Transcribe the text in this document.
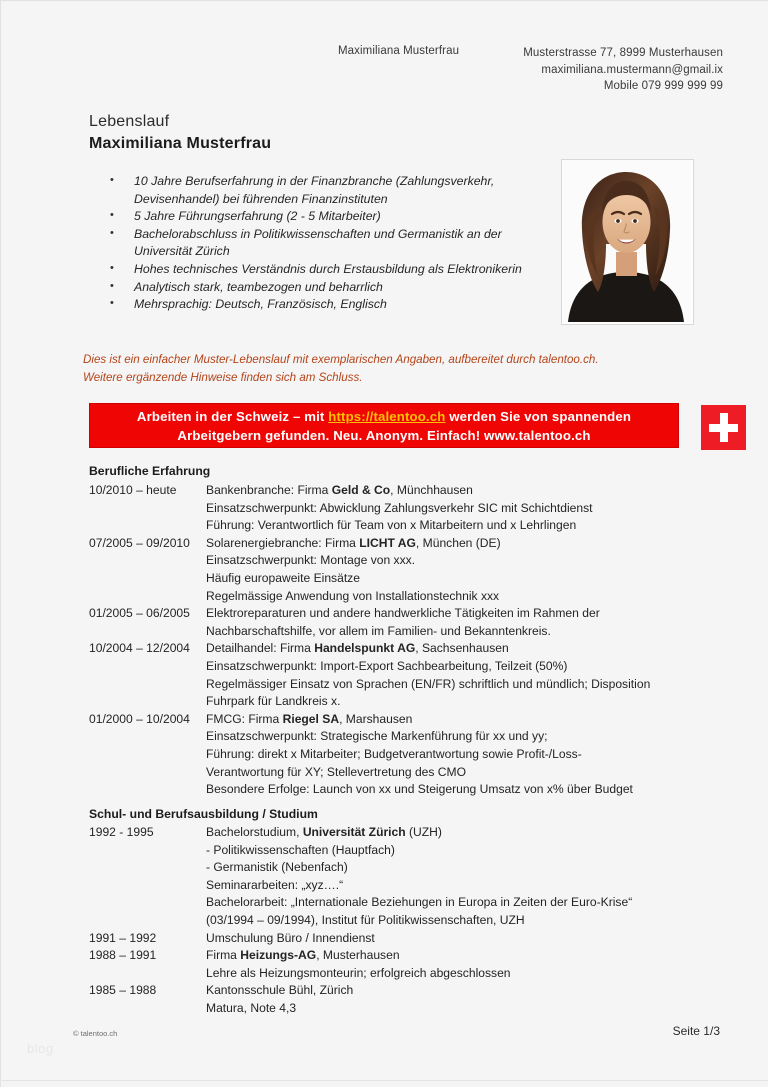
Maximiliana Musterfrau	Musterstrasse 77, 8999 Musterhausen
maximiliana.mustermann@gmail.ix
Mobile 079 999 999 99
Lebenslauf
Maximiliana Musterfrau
• 10 Jahre Berufserfahrung in der Finanzbranche (Zahlungsverkehr, Devisenhandel) bei führenden Finanzinstituten
• 5 Jahre Führungserfahrung (2 - 5 Mitarbeiter)
• Bachelorabschluss in Politikwissenschaften und Germanistik an der Universität Zürich
• Hohes technisches Verständnis durch Erstausbildung als Elektronikerin
• Analytisch stark, teambezogen und beharrlich
• Mehrsprachig: Deutsch, Französisch, Englisch
Dies ist ein einfacher Muster-Lebenslauf mit exemplarischen Angaben, aufbereitet durch talentoo.ch.
Weitere ergänzende Hinweise finden sich am Schluss.
Arbeiten in der Schweiz – mit https://talentoo.ch werden Sie von spannenden
Arbeitgebern gefunden. Neu. Anonym. Einfach! www.talentoo.ch
Berufliche Erfahrung
10/2010 – heute	Bankenbranche: Firma Geld & Co, Münchhausen
Einsatzschwerpunkt: Abwicklung Zahlungsverkehr SIC mit Schichtdienst
Führung: Verantwortlich für Team von x Mitarbeitern und x Lehrlingen
07/2005 – 09/2010	Solarenergiebranche: Firma LICHT AG, München (DE)
Einsatzschwerpunkt: Montage von xxx.
Häufig europaweite Einsätze
Regelmässige Anwendung von Installationstechnik xxx
01/2005 – 06/2005	Elektroreparaturen und andere handwerkliche Tätigkeiten im Rahmen der
Nachbarschaftshilfe, vor allem im Familien- und Bekanntenkreis.
10/2004 – 12/2004	Detailhandel: Firma Handelspunkt AG, Sachsenhausen
Einsatzschwerpunkt: Import-Export Sachbearbeitung, Teilzeit (50%)
Regelmässiger Einsatz von Sprachen (EN/FR) schriftlich und mündlich; Disposition
Fuhrpark für Landkreis x.
01/2000 – 10/2004	FMCG: Firma Riegel SA, Marshausen
Einsatzschwerpunkt: Strategische Markenführung für xx und yy;
Führung: direkt x Mitarbeiter; Budgetverantwortung sowie Profit-/Loss-
Verantwortung für XY; Stellevertretung des CMO
Besondere Erfolge: Launch von xx und Steigerung Umsatz von x% über Budget
Schul- und Berufsausbildung / Studium
1992 - 1995	Bachelorstudium, Universität Zürich (UZH)
- Politikwissenschaften (Hauptfach)
- Germanistik (Nebenfach)
Seminararbeiten: „xyz….“
Bachelorarbeit: „Internationale Beziehungen in Europa in Zeiten der Euro-Krise“
(03/1994 – 09/1994), Institut für Politikwissenschaften, UZH
1991 – 1992	Umschulung Büro / Innendienst
1988 – 1991	Firma Heizungs-AG, Musterhausen
Lehre als Heizungsmonteurin; erfolgreich abgeschlossen
1985 – 1988	Kantonsschule Bühl, Zürich
Matura, Note 4,3
blog
© talentoo.ch	Seite 1/3
